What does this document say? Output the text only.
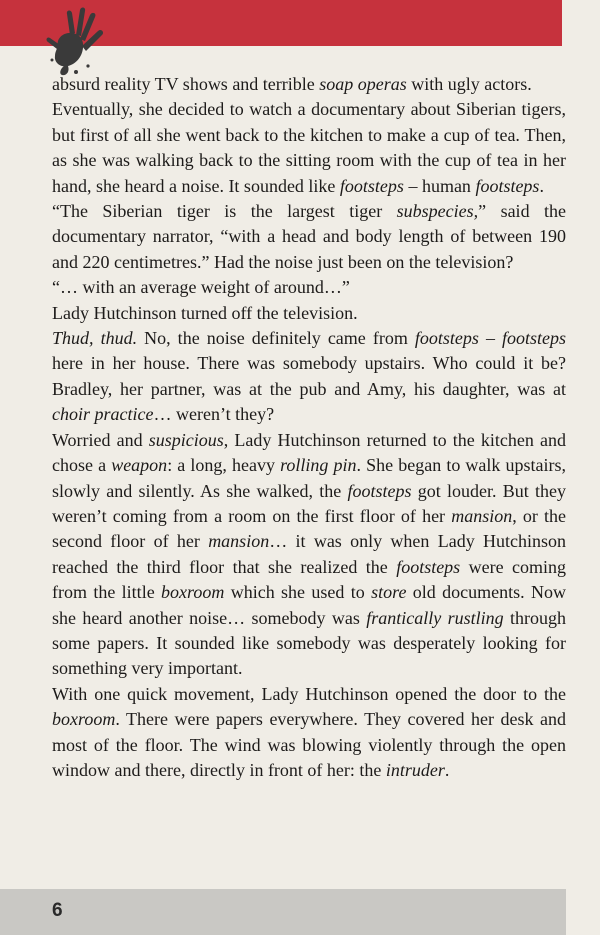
absurd reality TV shows and terrible soap operas with ugly actors.

Eventually, she decided to watch a documentary about Siberian tigers, but first of all she went back to the kitchen to make a cup of tea. Then, as she was walking back to the sitting room with the cup of tea in her hand, she heard a noise. It sounded like footsteps – human footsteps.

“The Siberian tiger is the largest tiger subspecies,” said the documentary narrator, “with a head and body length of between 190 and 220 centimetres.” Had the noise just been on the television?

“… with an average weight of around…”

Lady Hutchinson turned off the television.

Thud, thud. No, the noise definitely came from footsteps – footsteps here in her house. There was somebody upstairs. Who could it be? Bradley, her partner, was at the pub and Amy, his daughter, was at choir practice… weren’t they?

Worried and suspicious, Lady Hutchinson returned to the kitchen and chose a weapon: a long, heavy rolling pin. She began to walk upstairs, slowly and silently. As she walked, the footsteps got louder. But they weren’t coming from a room on the first floor of her mansion, or the second floor of her mansion… it was only when Lady Hutchinson reached the third floor that she realized the footsteps were coming from the little boxroom which she used to store old documents. Now she heard another noise… somebody was frantically rustling through some papers. It sounded like somebody was desperately looking for something very important.

With one quick movement, Lady Hutchinson opened the door to the boxroom. There were papers everywhere. They covered her desk and most of the floor. The wind was blowing violently through the open window and there, directly in front of her: the intruder.

6
